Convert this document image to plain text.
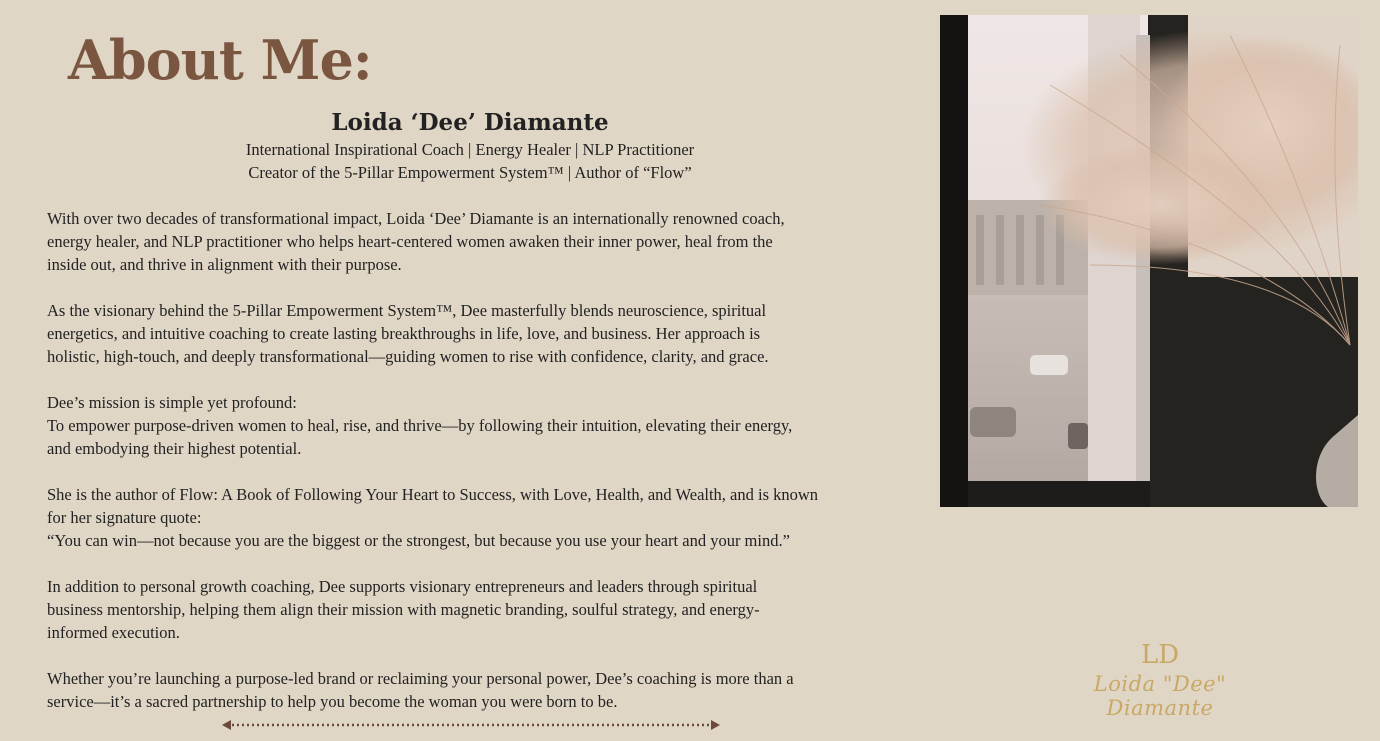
About Me:

Loida ‘Dee’ Diamante

International Inspirational Coach | Energy Healer | NLP Practitioner

Creator of the 5-Pillar Empowerment System™ | Author of “Flow”

With over two decades of transformational impact, Loida ‘Dee’ Diamante is an internationally renowned coach,
energy healer, and NLP practitioner who helps heart-centered women awaken their inner power, heal from the
inside out, and thrive in alignment with their purpose.

As the visionary behind the 5-Pillar Empowerment System™, Dee masterfully blends neuroscience, spiritual
energetics, and intuitive coaching to create lasting breakthroughs in life, love, and business. Her approach is
holistic, high-touch, and deeply transformational—guiding women to rise with confidence, clarity, and grace.

Dee’s mission is simple yet profound:
To empower purpose-driven women to heal, rise, and thrive—by following their intuition, elevating their energy,
and embodying their highest potential.

She is the author of Flow: A Book of Following Your Heart to Success, with Love, Health, and Wealth, and is known
for her signature quote:
“You can win—not because you are the biggest or the strongest, but because you use your heart and your mind.”

In addition to personal growth coaching, Dee supports visionary entrepreneurs and leaders through spiritual
business mentorship, helping them align their mission with magnetic branding, soulful strategy, and energy-
informed execution.

Whether you’re launching a purpose-led brand or reclaiming your personal power, Dee’s coaching is more than a
service—it’s a sacred partnership to help you become the woman you were born to be.

LD
Loida "Dee" Diamante
